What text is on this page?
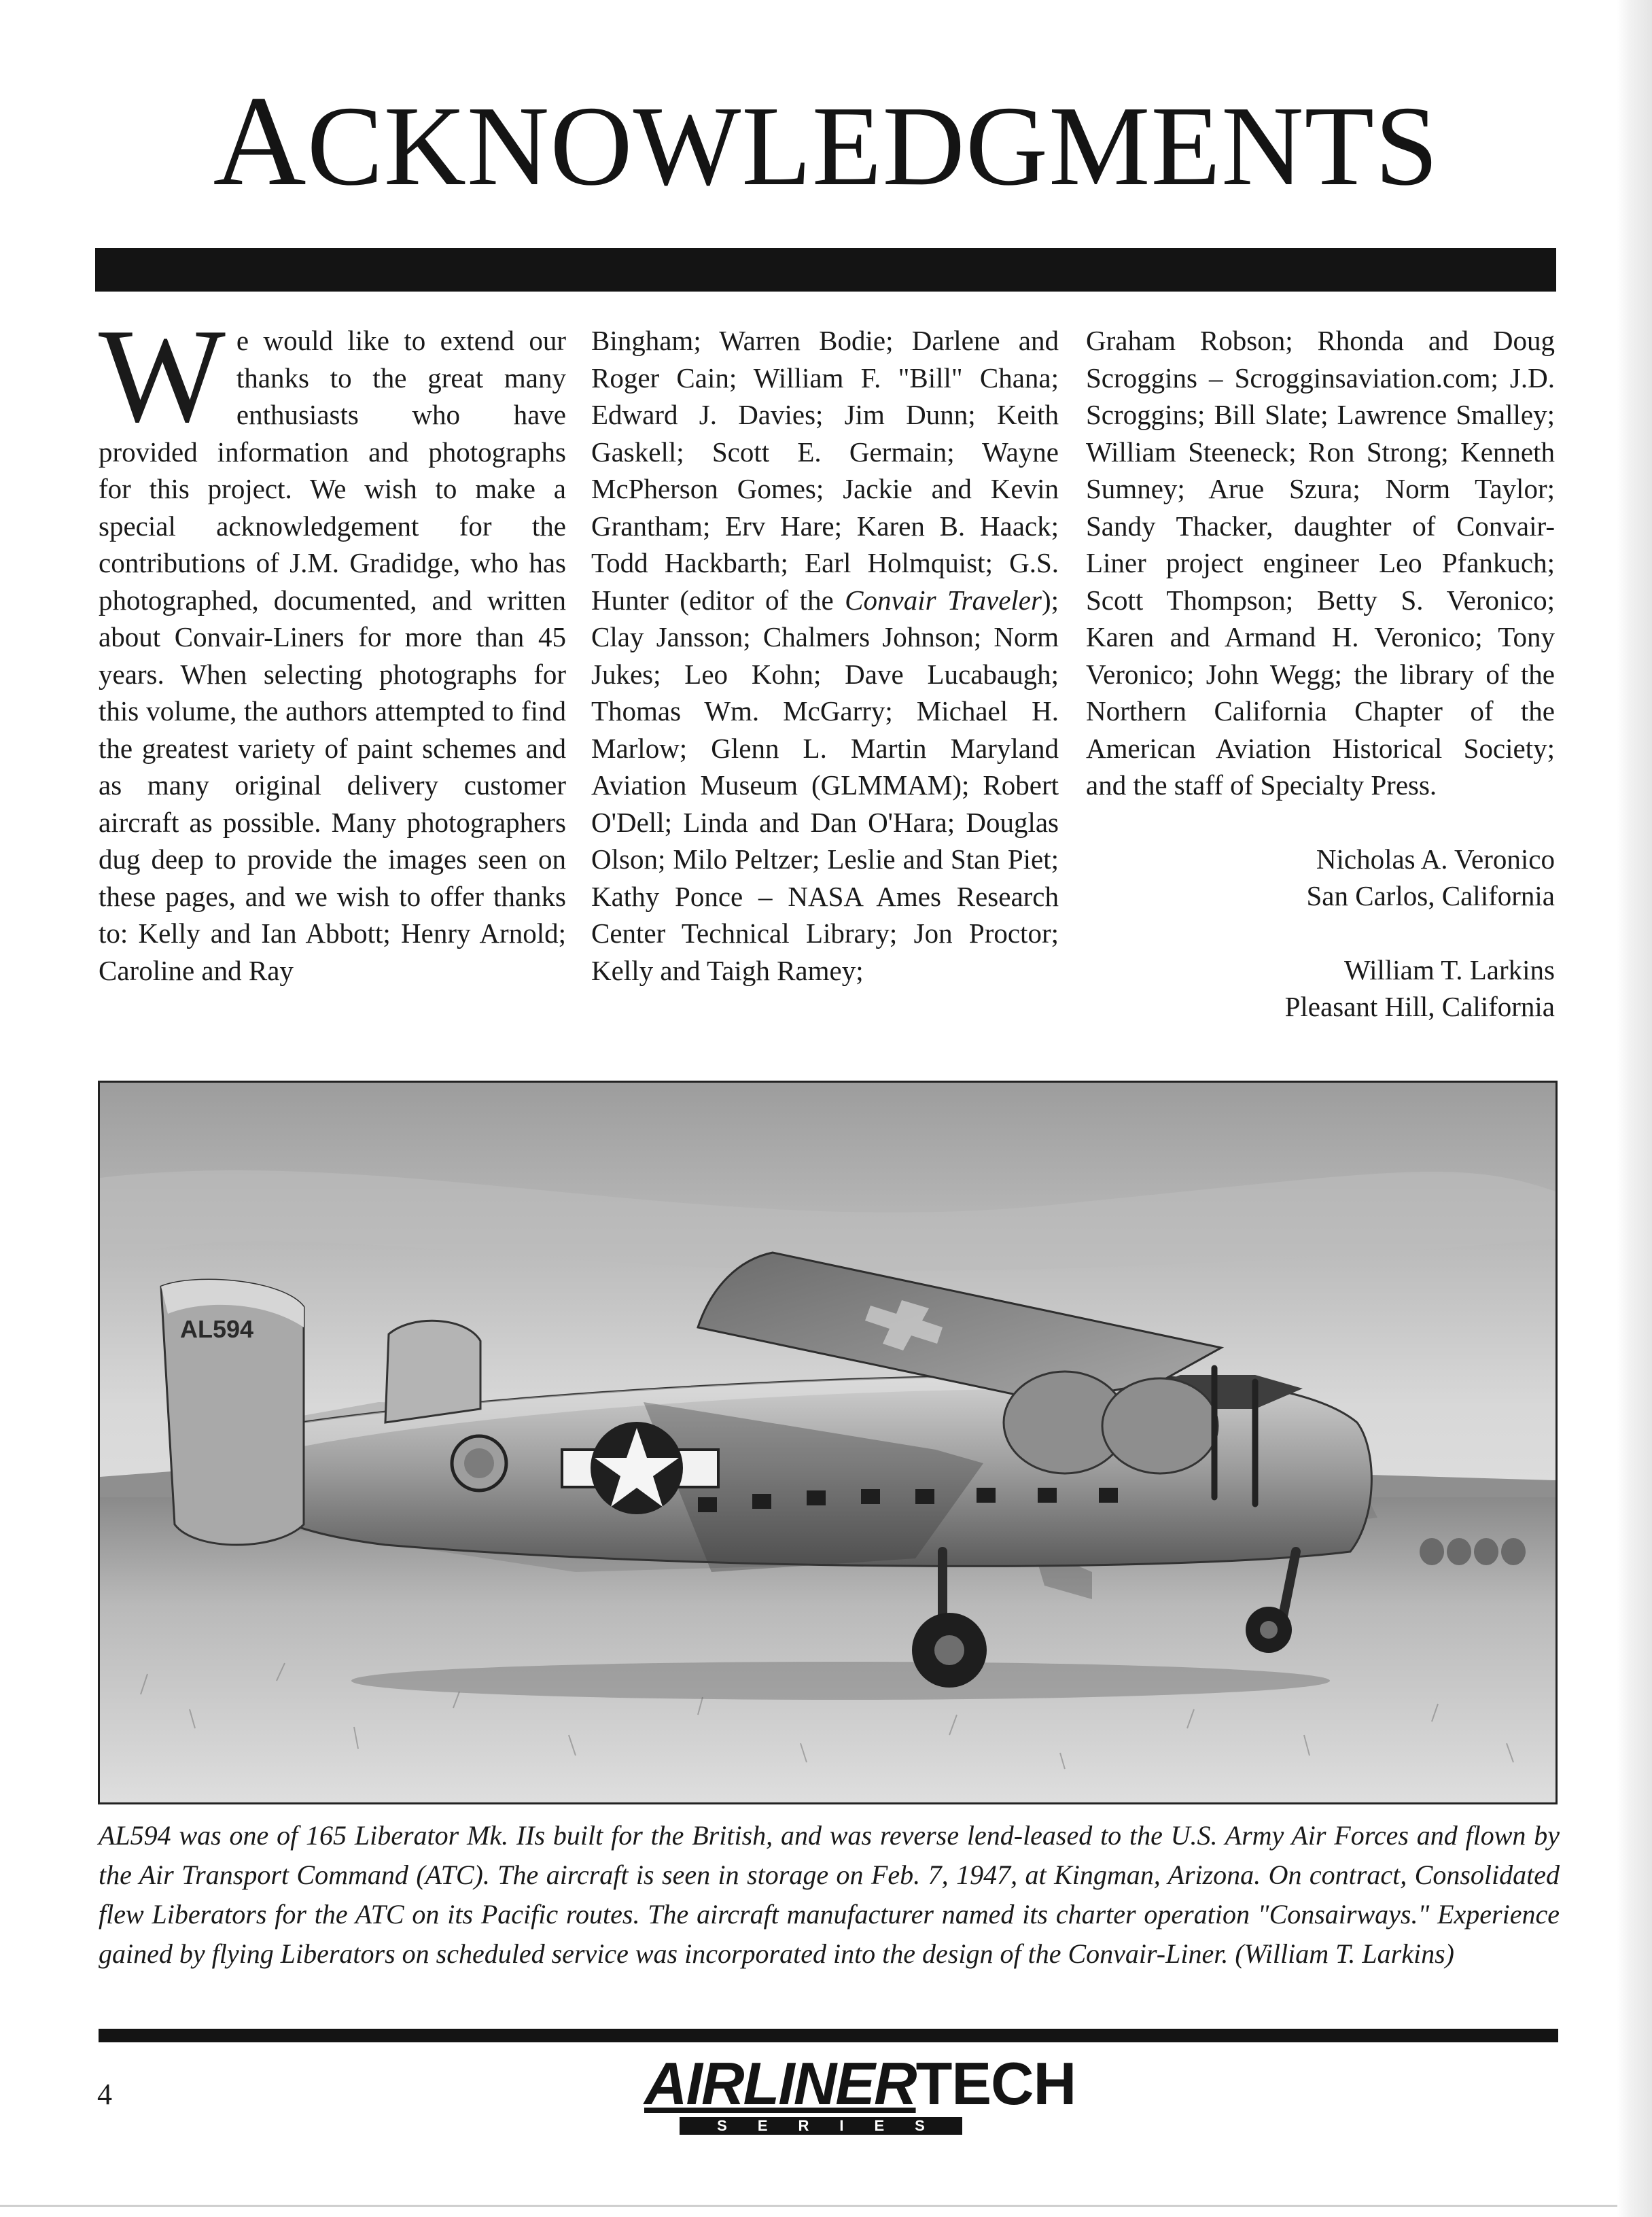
ACKNOWLEDGMENTS
We would like to extend our thanks to the great many enthusiasts who have provided information and photographs for this project. We wish to make a special acknowledgement for the contributions of J.M. Gradidge, who has photographed, documented, and written about Convair-Liners for more than 45 years. When selecting photographs for this volume, the authors attempted to find the greatest variety of paint schemes and as many original delivery customer aircraft as possible. Many photographers dug deep to provide the images seen on these pages, and we wish to offer thanks to: Kelly and Ian Abbott; Henry Arnold; Caroline and Ray
Bingham; Warren Bodie; Darlene and Roger Cain; William F. "Bill" Chana; Edward J. Davies; Jim Dunn; Keith Gaskell; Scott E. Germain; Wayne McPherson Gomes; Jackie and Kevin Grantham; Erv Hare; Karen B. Haack; Todd Hackbarth; Earl Holmquist; G.S. Hunter (editor of the Convair Traveler); Clay Jansson; Chalmers Johnson; Norm Jukes; Leo Kohn; Dave Lucabaugh; Thomas Wm. McGarry; Michael H. Marlow; Glenn L. Martin Maryland Aviation Museum (GLMMAM); Robert O'Dell; Linda and Dan O'Hara; Douglas Olson; Milo Peltzer; Leslie and Stan Piet; Kathy Ponce – NASA Ames Research Center Technical Library; Jon Proctor; Kelly and Taigh Ramey;

Graham Robson; Rhonda and Doug Scroggins – Scrogginsaviation.com; J.D. Scroggins; Bill Slate; Lawrence Smalley; William Steeneck; Ron Strong; Kenneth Sumney; Arue Szura; Norm Taylor; Sandy Thacker, daughter of Convair-Liner project engineer Leo Pfankuch; Scott Thompson; Betty S. Veronico; Karen and Armand H. Veronico; Tony Veronico; John Wegg; the library of the Northern California Chapter of the American Aviation Historical Society; and the staff of Specialty Press.

Nicholas A. Veronico
San Carlos, California
William T. Larkins
Pleasant Hill, California
AL594

AL594 was one of 165 Liberator Mk. IIs built for the British, and was reverse lend-leased to the U.S. Army Air Forces and flown by the Air Transport Command (ATC). The aircraft is seen in storage on Feb. 7, 1947, at Kingman, Arizona. On contract, Consolidated flew Liberators for the ATC on its Pacific routes. The aircraft manufacturer named its charter operation "Consairways." Experience gained by flying Liberators on scheduled service was incorporated into the design of the Convair-Liner. (William T. Larkins)

4	AIRLINERTECH
SERIES
